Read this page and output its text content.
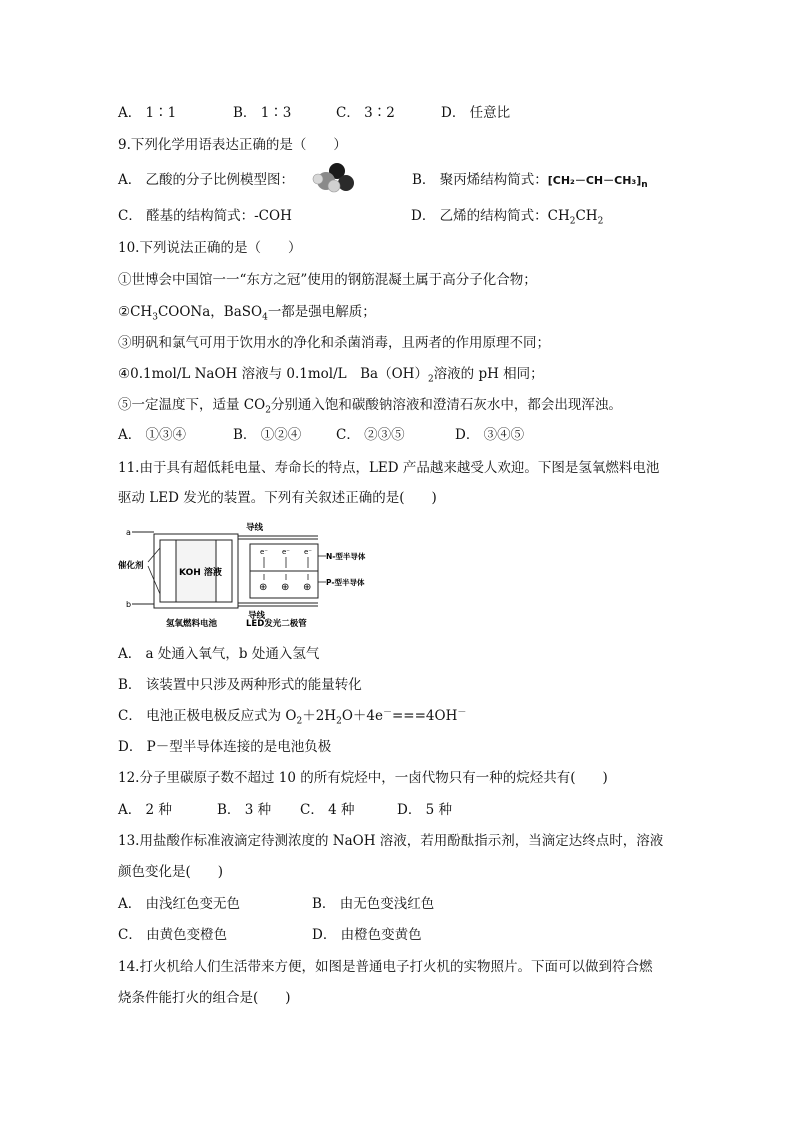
A． 1∶1	B． 1∶3	C． 3∶2	D． 任意比
9.下列化学用语表达正确的是（　　）
A． 乙酸的分子比例模型图：	B． 聚丙烯结构简式：$[CH_2-CH-CH_3]_n$
C． 醛基的结构简式：-COH	D． 乙烯的结构简式：$CH_2CH_2$
10.下列说法正确的是（　　）
①世博会中国馆一一“东方之冠”使用的钢筋混凝土属于高分子化合物；
$②CH_3COONa$，BaSO$_4$一都是强电解质；
③明矾和氯气可用于饮用水的净化和杀菌消毒，且两者的作用原理不同；
④0.1mol/L NaOH 溶液与 0.1mol/L　$Ba(OH)_2$溶液的 pH 相同；
⑤一定温度下，适量 $CO_2$分别通入饱和碳酸钠溶液和澄清石灰水中，都会出现浑浊。
A． ①③④	B． ①②④	C． ②③⑤	D． ③④⑤
11.由于具有超低耗电量、寿命长的特点，LED 产品越来越受人欢迎。下图是氢氧燃料电池
驱动 LED 发光的装置。下列有关叙述正确的是(　　)
e⁻ e⁻ e⁻
⊕ ⊕ ⊕
a
b
催化剂
KOH 溶液
导线
导线
N-型半导体
P-型半导体
氢氧燃料电池	LED发光二极管
A． a 处通入氧气，b 处通入氢气
B． 该装置中只涉及两种形式的能量转化
C． 电池正极电极反应式为 $O_2+2H_2O+4e^-===4OH^-$
D． P－型半导体连接的是电池负极
12.分子里碳原子数不超过 10 的所有烷烃中，一卤代物只有一种的烷烃共有(　　)
A． 2 种	B． 3 种 C． 4 种	D． 5 种
13.用盐酸作标准液滴定待测浓度的 NaOH 溶液，若用酚酞指示剂，当滴定达终点时，溶液
颜色变化是(　　)
A． 由浅红色变无色	B． 由无色变浅红色
C． 由黄色变橙色	D． 由橙色变黄色
14.打火机给人们生活带来方便，如图是普通电子打火机的实物照片。下面可以做到符合燃
烧条件能打火的组合是(　　)
